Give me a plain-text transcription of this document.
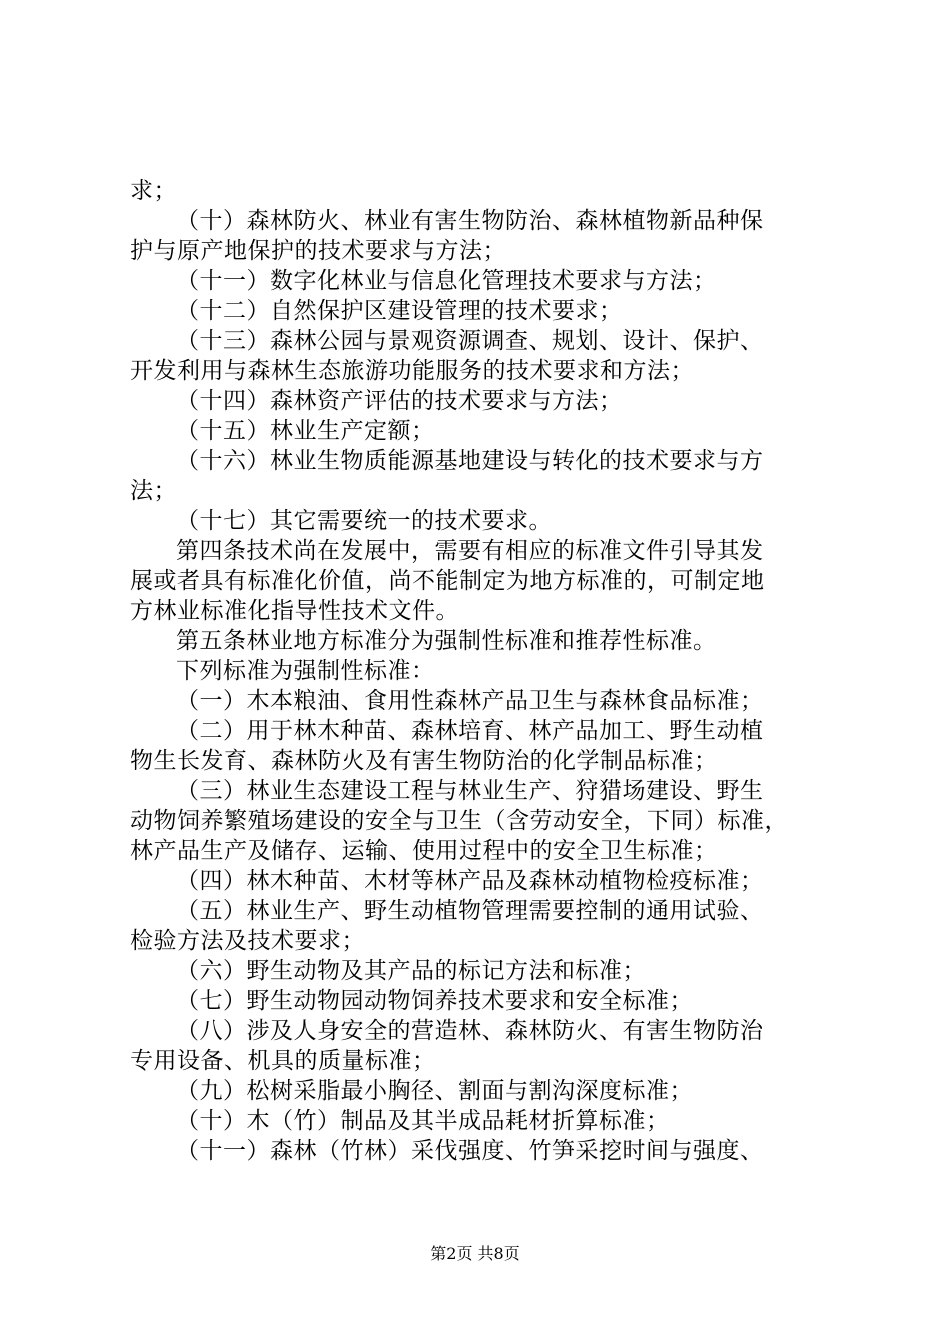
求；
（十）森林防火、林业有害生物防治、森林植物新品种保
护与原产地保护的技术要求与方法；
（十一）数字化林业与信息化管理技术要求与方法；
（十二）自然保护区建设管理的技术要求；
（十三）森林公园与景观资源调查、规划、设计、保护、
开发利用与森林生态旅游功能服务的技术要求和方法；
（十四）森林资产评估的技术要求与方法；
（十五）林业生产定额；
（十六）林业生物质能源基地建设与转化的技术要求与方
法；
（十七）其它需要统一的技术要求。
第四条技术尚在发展中，需要有相应的标准文件引导其发
展或者具有标准化价值，尚不能制定为地方标准的，可制定地
方林业标准化指导性技术文件。
第五条林业地方标准分为强制性标准和推荐性标准。
下列标准为强制性标准：
（一）木本粮油、食用性森林产品卫生与森林食品标准；
（二）用于林木种苗、森林培育、林产品加工、野生动植
物生长发育、森林防火及有害生物防治的化学制品标准；
（三）林业生态建设工程与林业生产、狩猎场建设、野生
动物饲养繁殖场建设的安全与卫生（含劳动安全，下同）标准，
林产品生产及储存、运输、使用过程中的安全卫生标准；
（四）林木种苗、木材等林产品及森林动植物检疫标准；
（五）林业生产、野生动植物管理需要控制的通用试验、
检验方法及技术要求；
（六）野生动物及其产品的标记方法和标准；
（七）野生动物园动物饲养技术要求和安全标准；
（八）涉及人身安全的营造林、森林防火、有害生物防治
专用设备、机具的质量标准；
（九）松树采脂最小胸径、割面与割沟深度标准；
（十）木（竹）制品及其半成品耗材折算标准；
（十一）森林（竹林）采伐强度、竹笋采挖时间与强度、
第2页 共8页
